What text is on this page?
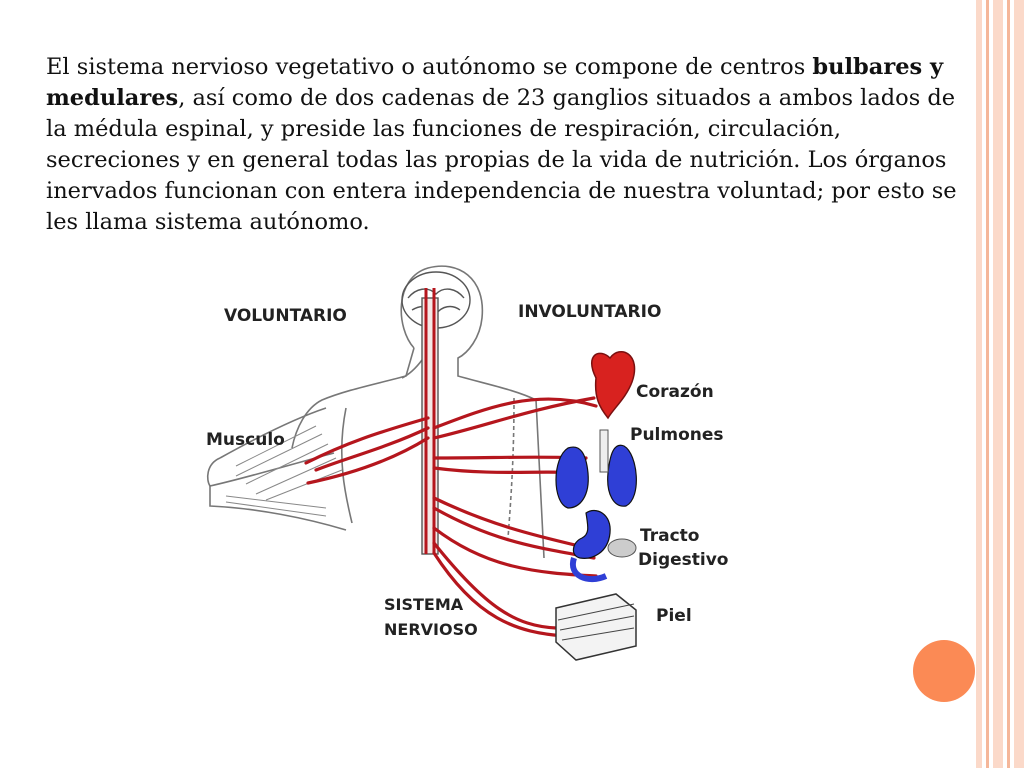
El sistema nervioso vegetativo o autónomo se compone de centros bulbares y medulares, así como de dos cadenas de 23 ganglios situados a ambos lados de la médula espinal, y preside las funciones de respiración, circulación, secreciones y en general todas las propias de la vida de nutrición. Los órganos inervados funcionan con entera independencia de nuestra voluntad; por esto se les llama sistema autónomo.

VOLUNTARIO	INVOLUNTARIO
Musculo
Corazón
Pulmones
Tracto
Digestivo
Piel
SISTEMA
NERVIOSO
